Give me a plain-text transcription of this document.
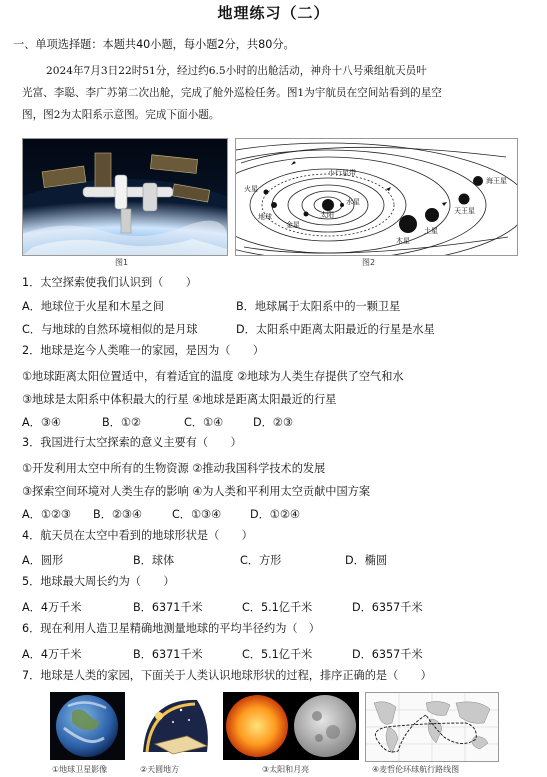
地理练习（二）
一、单项选择题：本题共40小题，每小题2分，共80分。
2024年7月3日22时51分，经过约6.5小时的出舱活动，神舟十八号乘组航天员叶
光富、李聪、李广苏第二次出舱，完成了舱外巡检任务。图1为宇航员在空间站看到的星空
图，图2为太阳系示意图。完成下面小题。
图1
太阳
水星
金星
地球
火星
小行星带
木星
土星
天王星
海王星
图2
1．太空探索使我们认识到（　　）
A．地球位于火星和木星之间	B．地球属于太阳系中的一颗卫星
C．与地球的自然环境相似的是月球	D．太阳系中距离太阳最近的行星是水星
2．地球是迄今人类唯一的家园，是因为（　　）
①地球距离太阳位置适中，有着适宜的温度 ②地球为人类生存提供了空气和水
③地球是太阳系中体积最大的行星 ④地球是距离太阳最近的行星
A．③④	B．①②	C．①④	D．②③
3．我国进行太空探索的意义主要有（　　）
①开发利用太空中所有的生物资源 ②推动我国科学技术的发展
③探索空间环境对人类生存的影响 ④为人类和平利用太空贡献中国方案
A．①②③ B．②③④	C．①③④	D．①②④
4．航天员在太空中看到的地球形状是（　　）
A．圆形	B．球体	C．方形	D．椭圆
5．地球最大周长约为（　　）
A．4万千米	B．6371千米	C．5.1亿千米	D．6357千米
6．现在利用人造卫星精确地测量地球的平均半径约为（　）
A．4万千米	B．6371千米	C．5.1亿千米	D．6357千米
7．地球是人类的家园，下面关于人类认识地球形状的过程，排序正确的是（　　）
①地球卫星影像	②天圆地方	③太阳和月亮	④麦哲伦环球航行路线图
